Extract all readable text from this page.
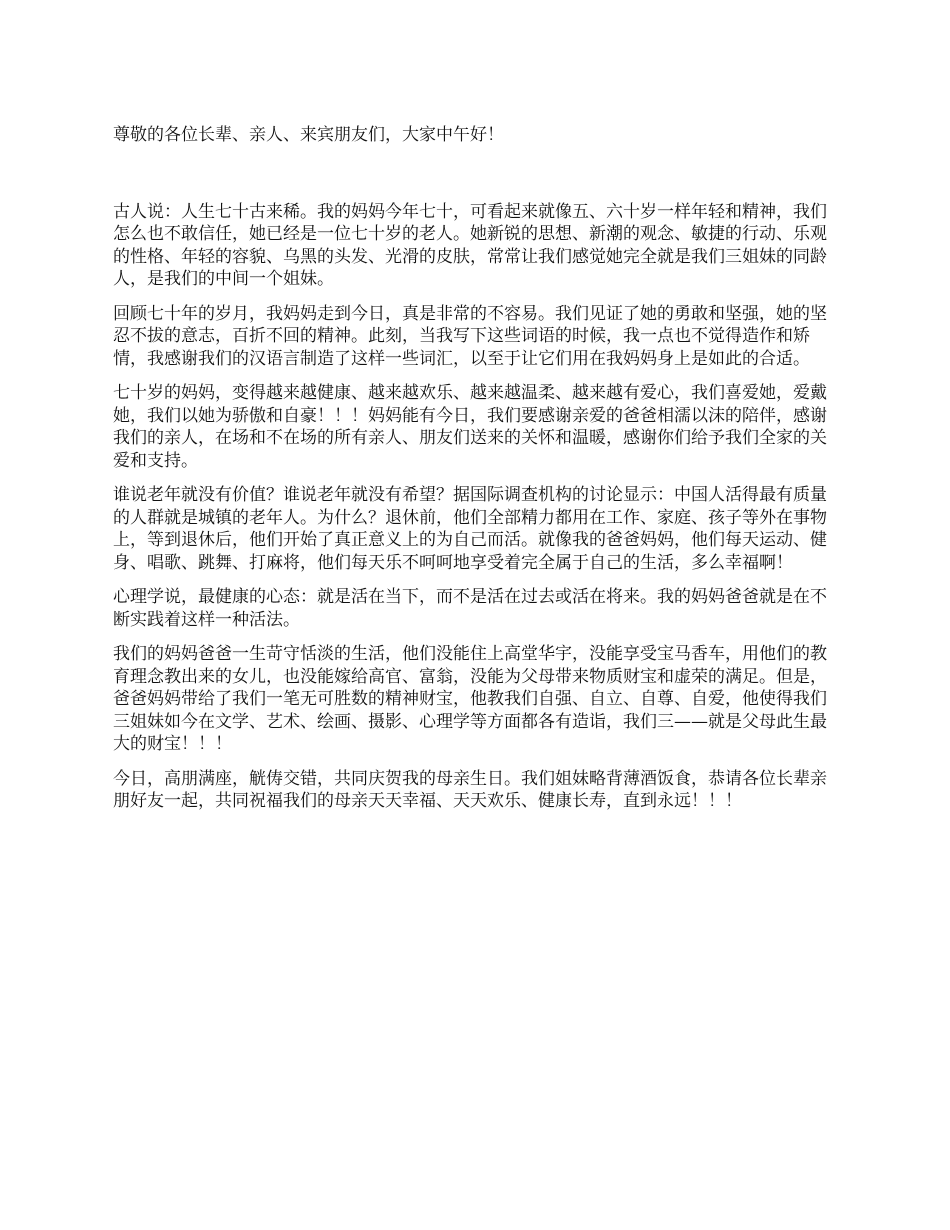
尊敬的各位长辈、亲人、来宾朋友们，大家中午好！

古人说：人生七十古来稀。我的妈妈今年七十，可看起来就像五、六十岁一样年轻和精神，我们怎么也不敢信任，她已经是一位七十岁的老人。她新锐的思想、新潮的观念、敏捷的行动、乐观的性格、年轻的容貌、乌黑的头发、光滑的皮肤，常常让我们感觉她完全就是我们三姐妹的同龄人，是我们的中间一个姐妹。

回顾七十年的岁月，我妈妈走到今日，真是非常的不容易。我们见证了她的勇敢和坚强，她的坚忍不拔的意志，百折不回的精神。此刻，当我写下这些词语的时候，我一点也不觉得造作和矫情，我感谢我们的汉语言制造了这样一些词汇，以至于让它们用在我妈妈身上是如此的合适。

七十岁的妈妈，变得越来越健康、越来越欢乐、越来越温柔、越来越有爱心，我们喜爱她，爱戴她，我们以她为骄傲和自豪！！！妈妈能有今日，我们要感谢亲爱的爸爸相濡以沫的陪伴，感谢我们的亲人，在场和不在场的所有亲人、朋友们送来的关怀和温暖，感谢你们给予我们全家的关爱和支持。

谁说老年就没有价值？谁说老年就没有希望？据国际调查机构的讨论显示：中国人活得最有质量的人群就是城镇的老年人。为什么？退休前，他们全部精力都用在工作、家庭、孩子等外在事物上，等到退休后，他们开始了真正意义上的为自己而活。就像我的爸爸妈妈，他们每天运动、健身、唱歌、跳舞、打麻将，他们每天乐不呵呵地享受着完全属于自己的生活，多么幸福啊！

心理学说，最健康的心态：就是活在当下，而不是活在过去或活在将来。我的妈妈爸爸就是在不断实践着这样一种活法。

我们的妈妈爸爸一生苛守恬淡的生活，他们没能住上高堂华宇，没能享受宝马香车，用他们的教育理念教出来的女儿，也没能嫁给高官、富翁，没能为父母带来物质财宝和虚荣的满足。但是，爸爸妈妈带给了我们一笔无可胜数的精神财宝，他教我们自强、自立、自尊、自爱，他使得我们三姐妹如今在文学、艺术、绘画、摄影、心理学等方面都各有造诣，我们三——就是父母此生最大的财宝！！！

今日，高朋满座，觥俦交错，共同庆贺我的母亲生日。我们姐妹略背薄酒饭食，恭请各位长辈亲朋好友一起，共同祝福我们的母亲天天幸福、天天欢乐、健康长寿，直到永远！！！
